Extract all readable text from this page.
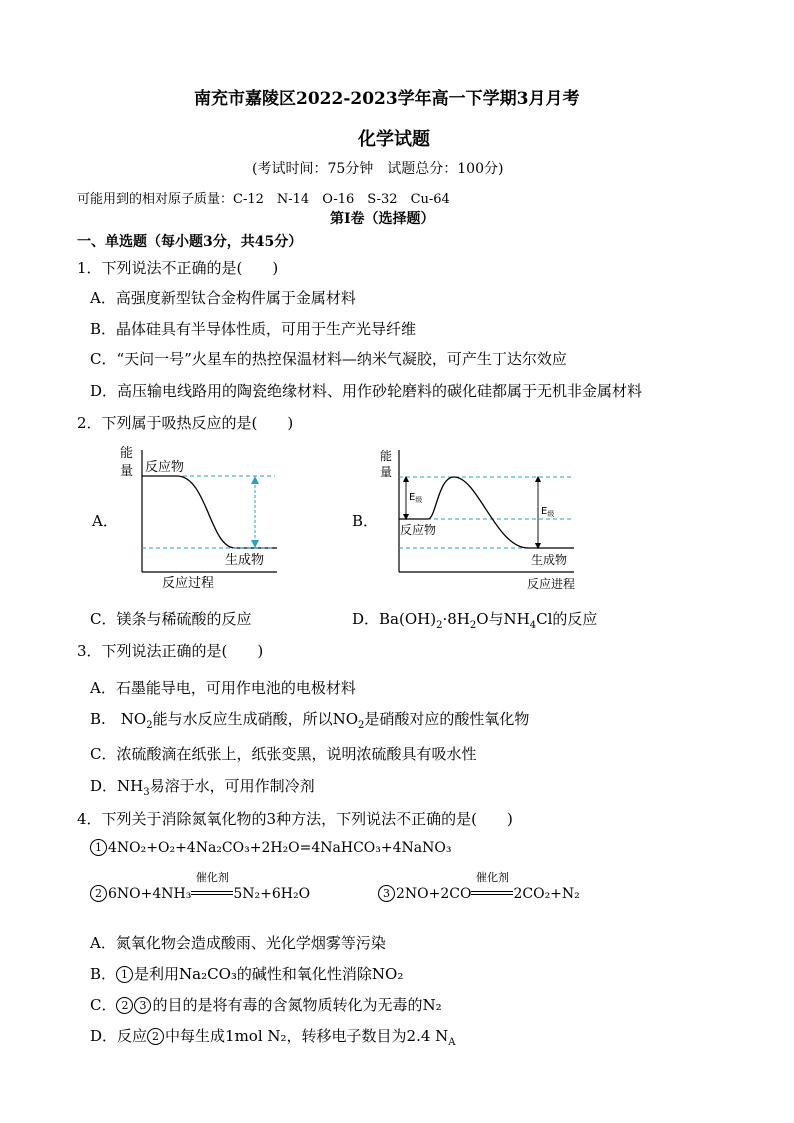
南充市嘉陵区2022-2023学年高一下学期3月月考
化学试题
(考试时间：75分钟　试题总分：100分)
可能用到的相对原子质量：C-12　N-14　O-16　S-32　Cu-64
第I卷（选择题）
一、单选题（每小题3分，共45分）
1．下列说法不正确的是(　　)
A．高强度新型钛合金构件属于金属材料
B．晶体硅具有半导体性质，可用于生产光导纤维
C．“天问一号”火星车的热控保温材料—纳米气凝胶，可产生丁达尔效应
D．高压输电线路用的陶瓷绝缘材料、用作砂轮磨料的碳化硅都属于无机非金属材料
2．下列属于吸热反应的是(　　)
A．	B．
能
量 反应物
生成物
反应过程
能
量
$E_级$
$E_级$
反应物
生成物
反应进程
C．镁条与稀硫酸的反应	D．$Ba(OH)_2\cdot 8H_2O$与$NH_4Cl$的反应
3．下列说法正确的是(　　)
A．石墨能导电，可用作电池的电极材料
B.　$NO_2$能与水反应生成硝酸，所以$NO_2$是硝酸对应的酸性氧化物
C．浓硫酸滴在纸张上，纸张变黑，说明浓硫酸具有吸水性
D．$NH_3$易溶于水，可用作制冷剂
4．下列关于消除氮氧化物的3种方法，下列说法不正确的是(　　)
1 4NO₂+O₂+4Na₂CO₃+2H₂O=4NaHCO₃+4NaNO₃
2 6NO+4NH₃
催化剂
5N₂+6H₂O	3 2NO+2CO
催化剂
2CO₂+N₂
A．氮氧化物会造成酸雨、光化学烟雾等污染
B． 1 是利用Na₂CO₃的碱性和氧化性消除NO₂
C． 2 3 的目的是将有毒的含氮物质转化为无毒的N₂
D．反应 2 中每生成1mol N₂，转移电子数目为2.4 $N_A$
